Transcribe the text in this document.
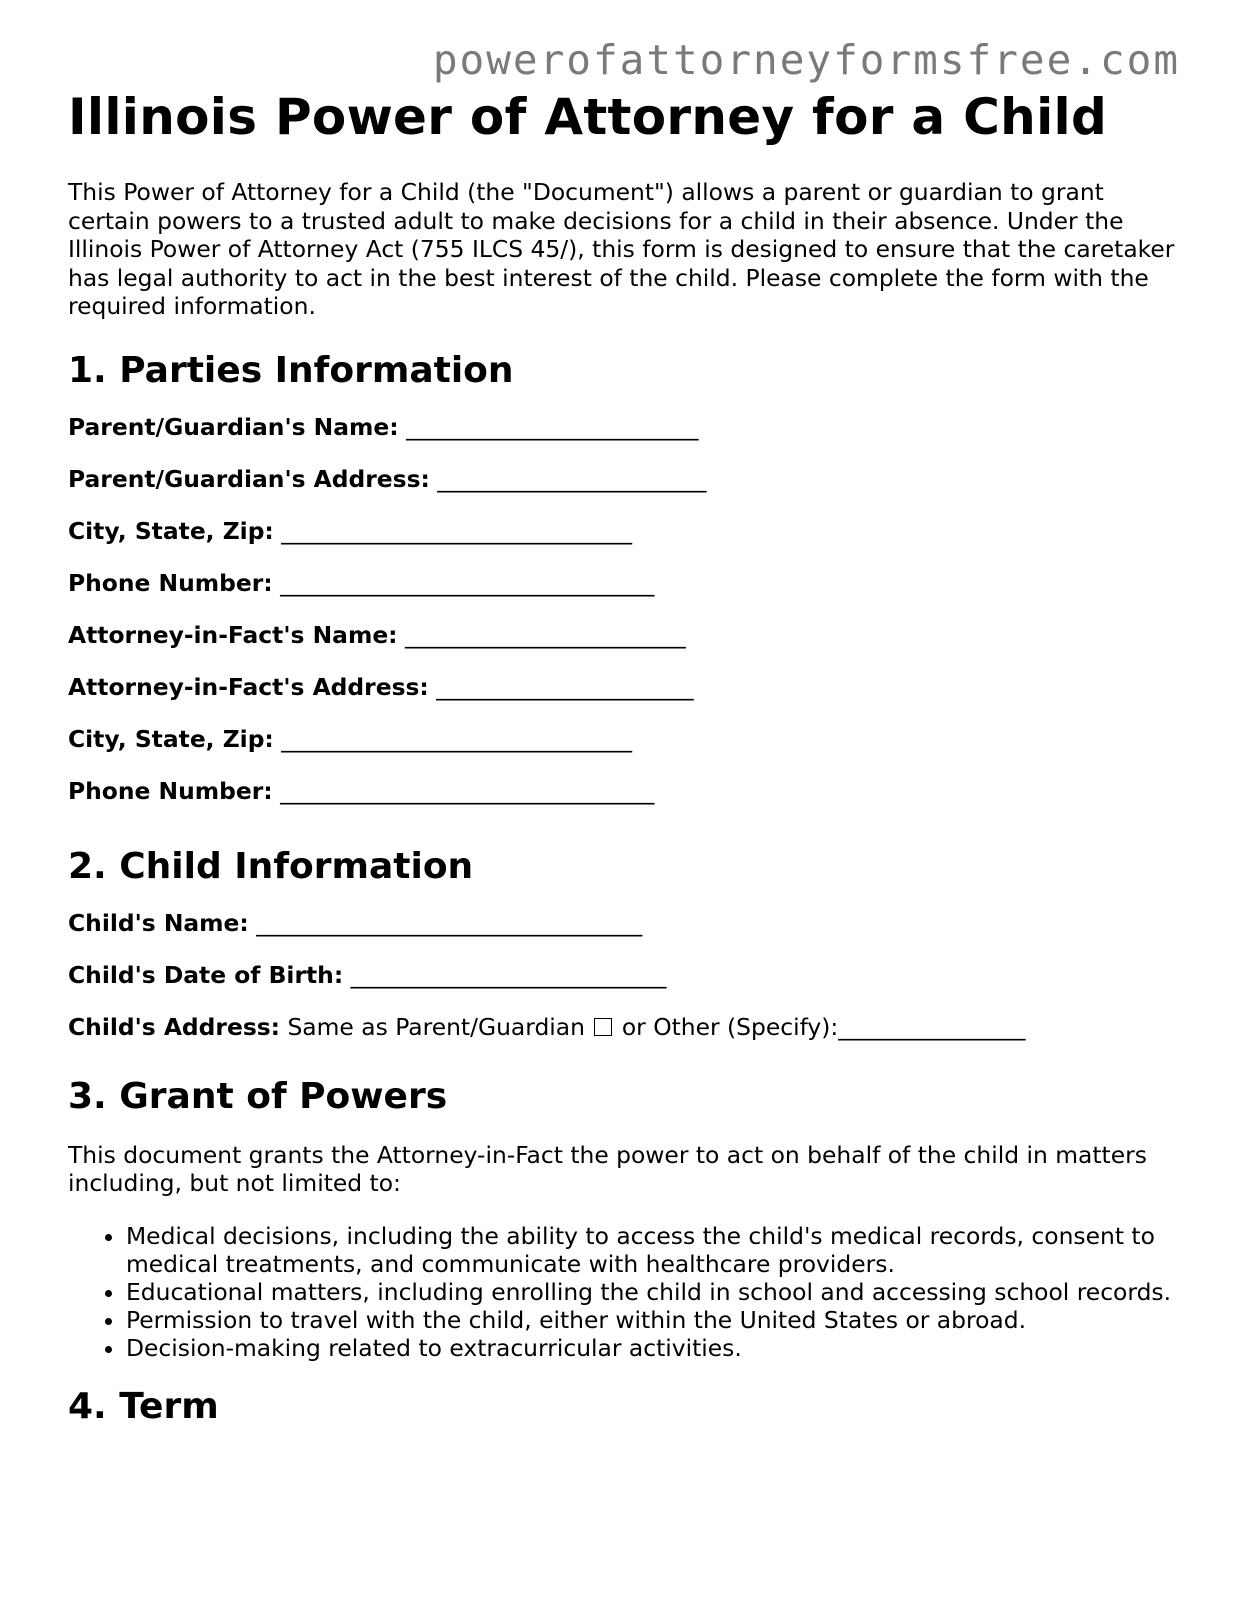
powerofattorneyformsfree.com
Illinois Power of Attorney for a Child

This Power of Attorney for a Child (the "Document") allows a parent or guardian to grant certain powers to a trusted adult to make decisions for a child in their absence. Under the Illinois Power of Attorney Act (755 ILCS 45/), this form is designed to ensure that the caretaker has legal authority to act in the best interest of the child. Please complete the form with the required information.

1. Parties Information
Parent/Guardian's Name: _________________________
Parent/Guardian's Address: _______________________
City, State, Zip: ______________________________
Phone Number: ________________________________
Attorney-in-Fact's Name: ________________________
Attorney-in-Fact's Address: ______________________
City, State, Zip: ______________________________
Phone Number: ________________________________
2. Child Information
Child's Name: _________________________________
Child's Date of Birth: ___________________________
Child's Address: Same as Parent/Guardian or Other (Specify):________________
3. Grant of Powers

This document grants the Attorney-in-Fact the power to act on behalf of the child in matters including, but not limited to:

• Medical decisions, including the ability to access the child's medical records, consent to medical treatments, and communicate with healthcare providers.
• Educational matters, including enrolling the child in school and accessing school records.
• Permission to travel with the child, either within the United States or abroad.
• Decision-making related to extracurricular activities.
4. Term
